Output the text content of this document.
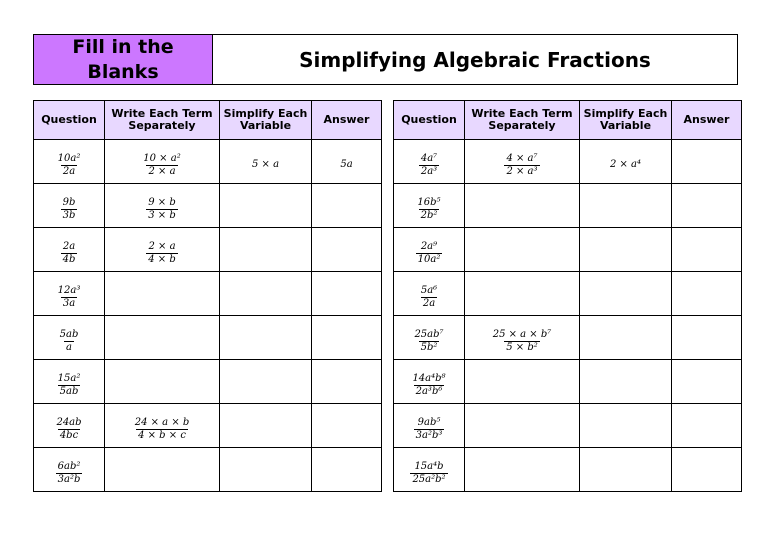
Fill in the
Blanks	Simplifying Algebraic Fractions
Question	Write Each Term Separately	Simplify Each Variable	Answer

$\frac{\text{10a²}}{2a}$	$\frac{\text{10 × a²}}{2 \times a}$	5 × a	5a

$\frac{9b}{3b}$	$\frac{9 \times b}{3 \times b}$

$\frac{2a}{4b}$	$\frac{2 \times a}{4 \times b}$

$\frac{\text{12a³}}{3a}$

$\frac{5ab}{a}$

$\frac{\text{15a²}}{5ab}$

$\frac{24ab}{4bc}$	$\frac{24 \times a \times b}{4 \times b \times c}$

$\frac{\text{6ab²}}{\text{3a²b}}$

Question	Write Each Term Separately	Simplify Each Variable	Answer

$\frac{\text{4a⁷}}{\text{2a³}}$	$\frac{\text{4 × a⁷}}{\text{2 × a³}}$	2 × a⁴	

$\frac{\text{16b⁵}}{\text{2b²}}$

$\frac{\text{2a⁹}}{\text{10a²}}$

$\frac{\text{5a⁶}}{2a}$

$\frac{\text{25ab⁷}}{\text{5b²}}$	$\frac{\text{25 × a × b⁷}}{\text{5 × b²}}$

$\frac{\text{14a⁴b⁸}}{\text{2a³b⁶}}$

$\frac{\text{9ab⁵}}{\text{3a²b³}}$

$\frac{\text{15a⁴b}}{\text{25a²b²}}$
